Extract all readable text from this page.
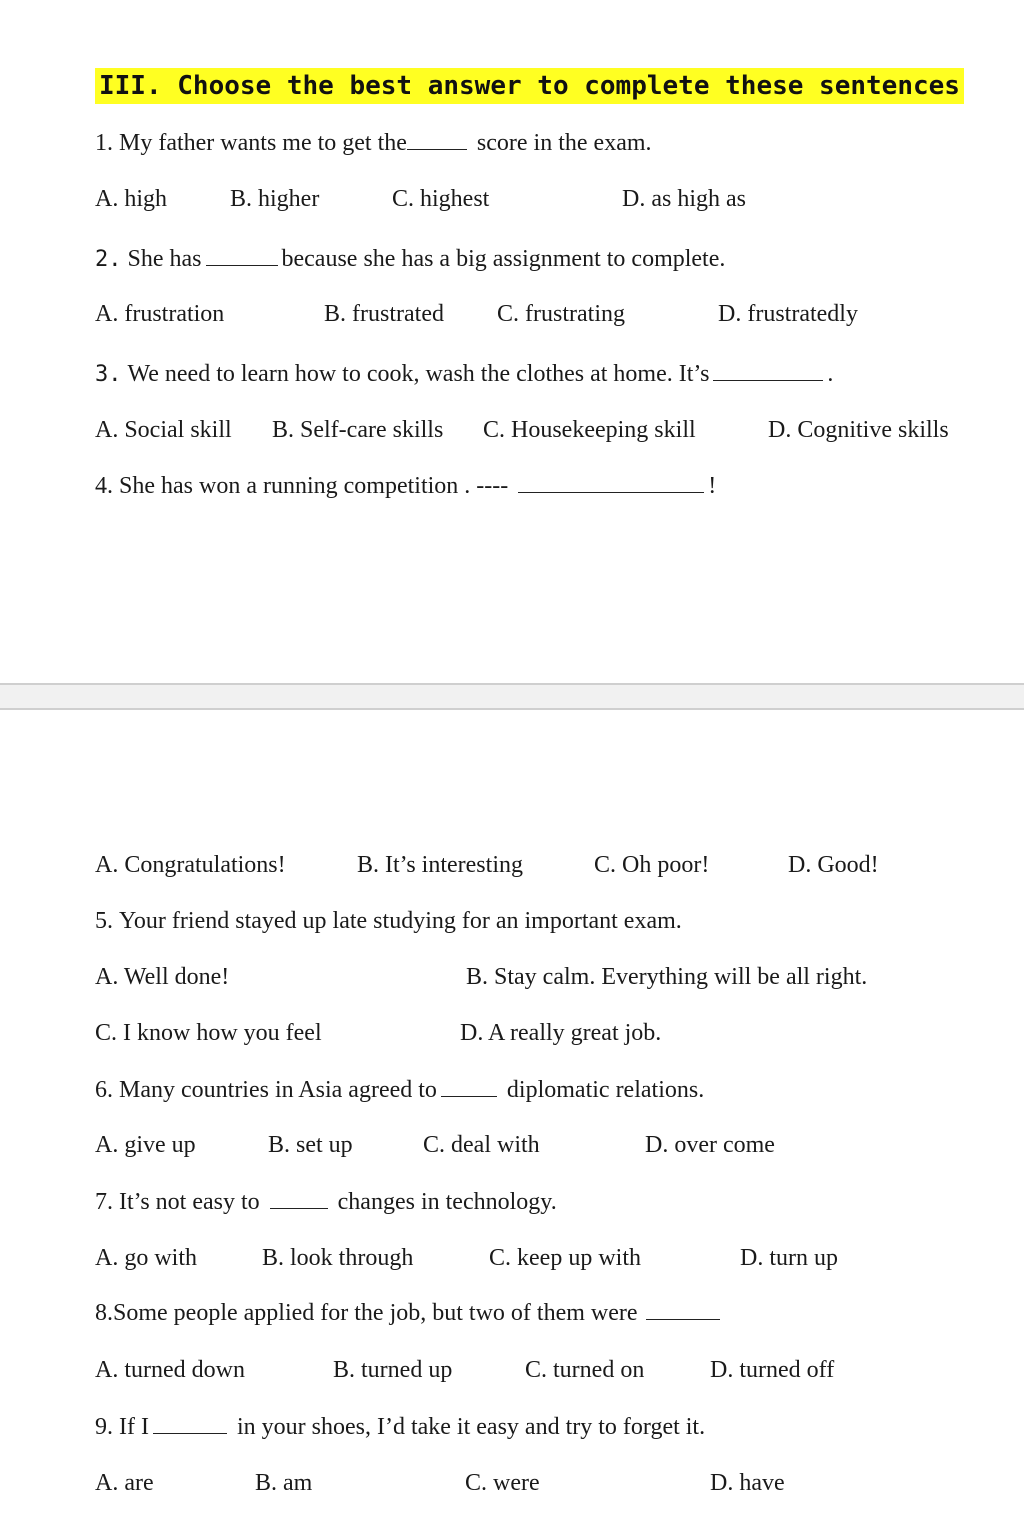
III. Choose the best answer to complete these sentences
1. My father wants me to get the	score in the exam.
A. high	B. higher	C. highest	D. as high as
2. She has	because she has a big assignment to complete.
A. frustration	B. frustrated C. frustrating	D. frustratedly
3. We need to learn how to cook, wash the clothes at home. It’s	.
A. Social skill B. Self-care skills C. Housekeeping skill	D. Cognitive skills
4. She has won a running competition . ----	!
A. Congratulations!	B. It’s interesting	C. Oh poor!	D. Good!
5. Your friend stayed up late studying for an important exam.
A. Well done!	B. Stay calm. Everything will be all right.
C. I know how you feel	D. A really great job.
6. Many countries in Asia agreed to	diplomatic relations.
A. give up	B. set up	C. deal with	D. over come
7. It’s not easy to	changes in technology.
A. go with	B. look through	C. keep up with	D. turn up
8.Some people applied for the job, but two of them were
A. turned down	B. turned up	C. turned on	D. turned off
9. If I	in your shoes, I’d take it easy and try to forget it.
A. are	B. am	C. were	D. have
